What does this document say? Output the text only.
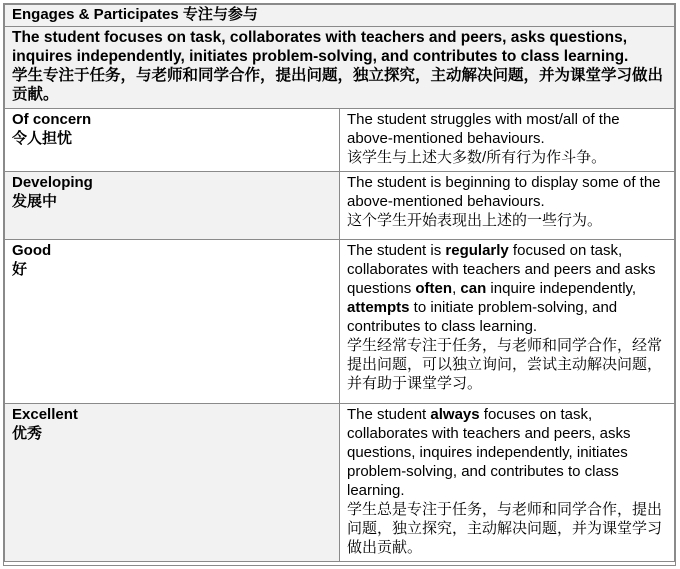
Engages & Participates 专注与参与	

The student focuses on task, collaborates with teachers and peers, asks questions, inquires independently, initiates problem-solving, and contributes to class learning.
学生专注于任务，与老师和同学合作，提出问题，独立探究，主动解决问题，并为课堂学习做出贡献。	

Of concern
令人担忧	The student struggles with most/all of the above-mentioned behaviours.
该学生与上述大多数/所有行为作斗争。

Developing
发展中	The student is beginning to display some of the above-mentioned behaviours.
这个学生开始表现出上述的一些行为。

Good
好	The student is regularly focused on task, collaborates with teachers and peers and asks questions often, can inquire independently, attempts to initiate problem-solving, and contributes to class learning.
学生经常专注于任务，与老师和同学合作，经常提出问题，可以独立询问，尝试主动解决问题，并有助于课堂学习。

Excellent
优秀	The student always focuses on task, collaborates with teachers and peers, asks questions, inquires independently, initiates problem-solving, and contributes to class learning.
学生总是专注于任务，与老师和同学合作，提出问题，独立探究，主动解决问题，并为课堂学习做出贡献。
